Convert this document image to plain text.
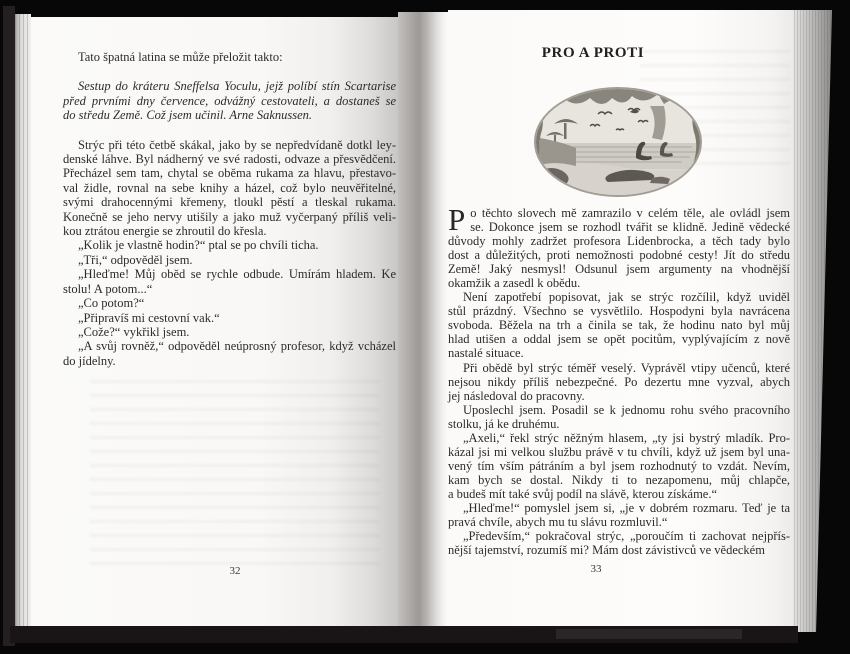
Tato špatná latina se může přeložit takto:
Sestup do kráteru Sneffelsa Yoculu, jejž políbí stín Scartarise
před prvními dny července, odvážný cestovateli, a dostaneš se
do středu Země. Což jsem učinil. Arne Saknussen.
Strýc při této četbě skákal, jako by se nepředvídaně dotkl ley-
denské láhve. Byl nádherný ve své radosti, odvaze a přesvědčení.
Přecházel sem tam, chytal se oběma rukama za hlavu, přestavo-
val židle, rovnal na sebe knihy a házel, což bylo neuvěřitelné,
svými drahocennými křemeny, tloukl pěstí a tleskal rukama.
Konečně se jeho nervy utišily a jako muž vyčerpaný příliš veli-
kou ztrátou energie se zhroutil do křesla.
„Kolik je vlastně hodin?“ ptal se po chvíli ticha.
„Tři,“ odpověděl jsem.
„Hleďme! Můj oběd se rychle odbude. Umírám hladem. Ke
stolu! A potom...“
„Co potom?“
„Připravíš mi cestovní vak.“
„Cože?“ vykřikl jsem.
„A svůj rovněž,“ odpověděl neúprosný profesor, když vcházel
do jídelny.
32
PRO A PROTI
P o těchto slovech mě zamrazilo v celém těle, ale ovládl jsem
se. Dokonce jsem se rozhodl tvářit se klidně. Jedině vědecké
důvody mohly zadržet profesora Lidenbrocka, a těch tady bylo
dost a důležitých, proti nemožnosti podobné cesty! Jít do středu
Země! Jaký nesmysl! Odsunul jsem argumenty na vhodnější
okamžik a zasedl k obědu.
Není zapotřebí popisovat, jak se strýc rozčílil, když uviděl
stůl prázdný. Všechno se vysvětlilo. Hospodyni byla navrácena
svoboda. Běžela na trh a činila se tak, že hodinu nato byl můj
hlad utišen a oddal jsem se opět pocitům, vyplývajícím z nově
nastalé situace.
Při obědě byl strýc téměř veselý. Vyprávěl vtipy učenců, které
nejsou nikdy příliš nebezpečné. Po dezertu mne vyzval, abych
jej následoval do pracovny.
Uposlechl jsem. Posadil se k jednomu rohu svého pracovního
stolku, já ke druhému.
„Axeli,“ řekl strýc něžným hlasem, „ty jsi bystrý mladík. Pro-
kázal jsi mi velkou službu právě v tu chvíli, když už jsem byl una-
vený tím vším pátráním a byl jsem rozhodnutý to vzdát. Nevím,
kam bych se dostal. Nikdy ti to nezapomenu, můj chlapče,
a budeš mít také svůj podíl na slávě, kterou získáme.“
„Hleďme!“ pomyslel jsem si, „je v dobrém rozmaru. Teď je ta
pravá chvíle, abych mu tu slávu rozmluvil.“
„Především,“ pokračoval strýc, „poroučím ti zachovat nejpřís-
nější tajemství, rozumíš mi? Mám dost závistivců ve vědeckém
33
